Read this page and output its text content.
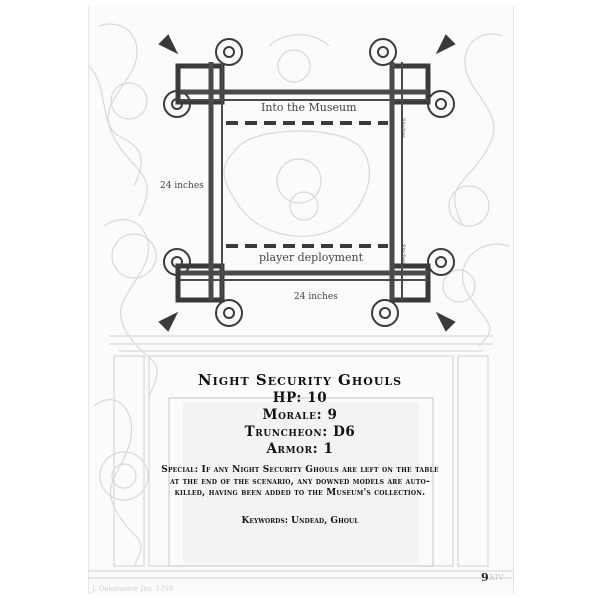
Into the Museum
player deployment
24 inches
24 inches
Sinches
Sinches
Night Security Ghouls
HP: 10
Morale: 9
Truncheon: D6
Armor: 1
Special: If any Night Security Ghouls are left on the table at the end of the scenario, any downed models are auto-killed, having been added to the Museum's collection.
Keywords: Undead, Ghoul
9 XIV
J. Delamonce Inv. 1758
